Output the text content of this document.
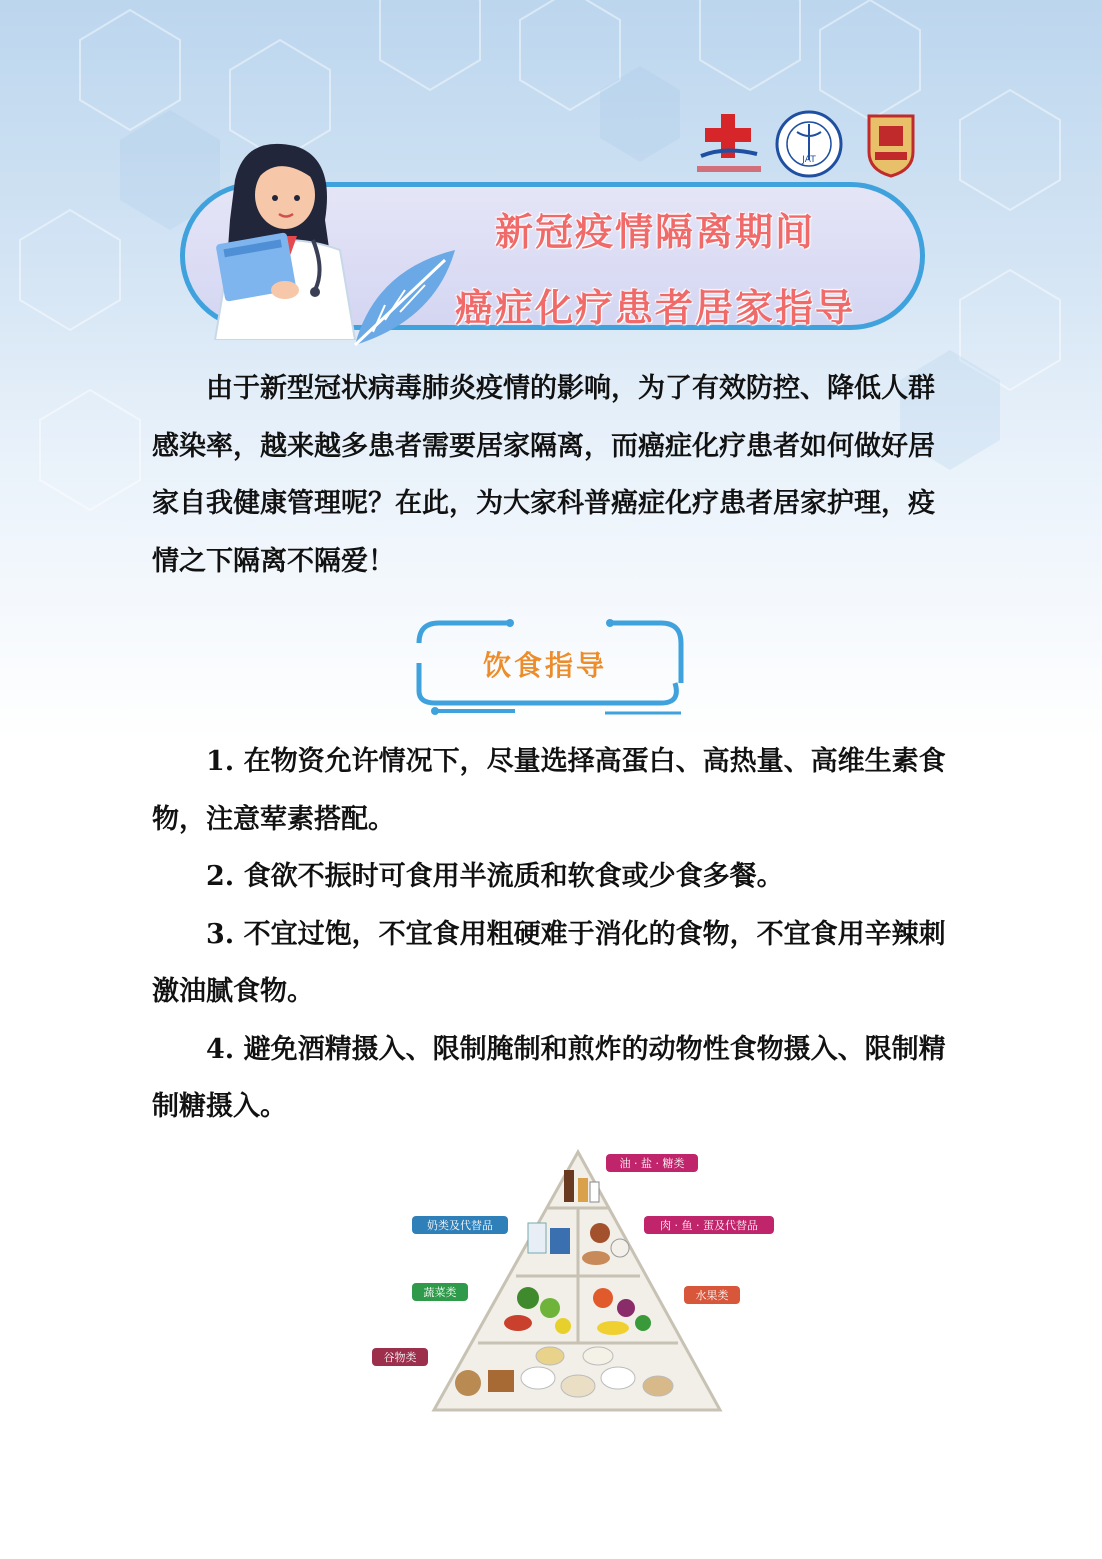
JAT
新冠疫情隔离期间
癌症化疗患者居家指导

由于新型冠状病毒肺炎疫情的影响，为了有效防控、降低人群感染率，越来越多患者需要居家隔离，而癌症化疗患者如何做好居家自我健康管理呢？在此，为大家科普癌症化疗患者居家护理，疫情之下隔离不隔爱！

饮食指导

1. 在物资允许情况下，尽量选择高蛋白、高热量、高维生素食物，注意荤素搭配。

2. 食欲不振时可食用半流质和软食或少食多餐。

3. 不宜过饱，不宜食用粗硬难于消化的食物，不宜食用辛辣刺激油腻食物。

4. 避免酒精摄入、限制腌制和煎炸的动物性食物摄入、限制精制糖摄入。

油 · 盐 · 糖类
奶类及代替品	肉 · 鱼 · 蛋及代替品
蔬菜类	水果类
谷物类
